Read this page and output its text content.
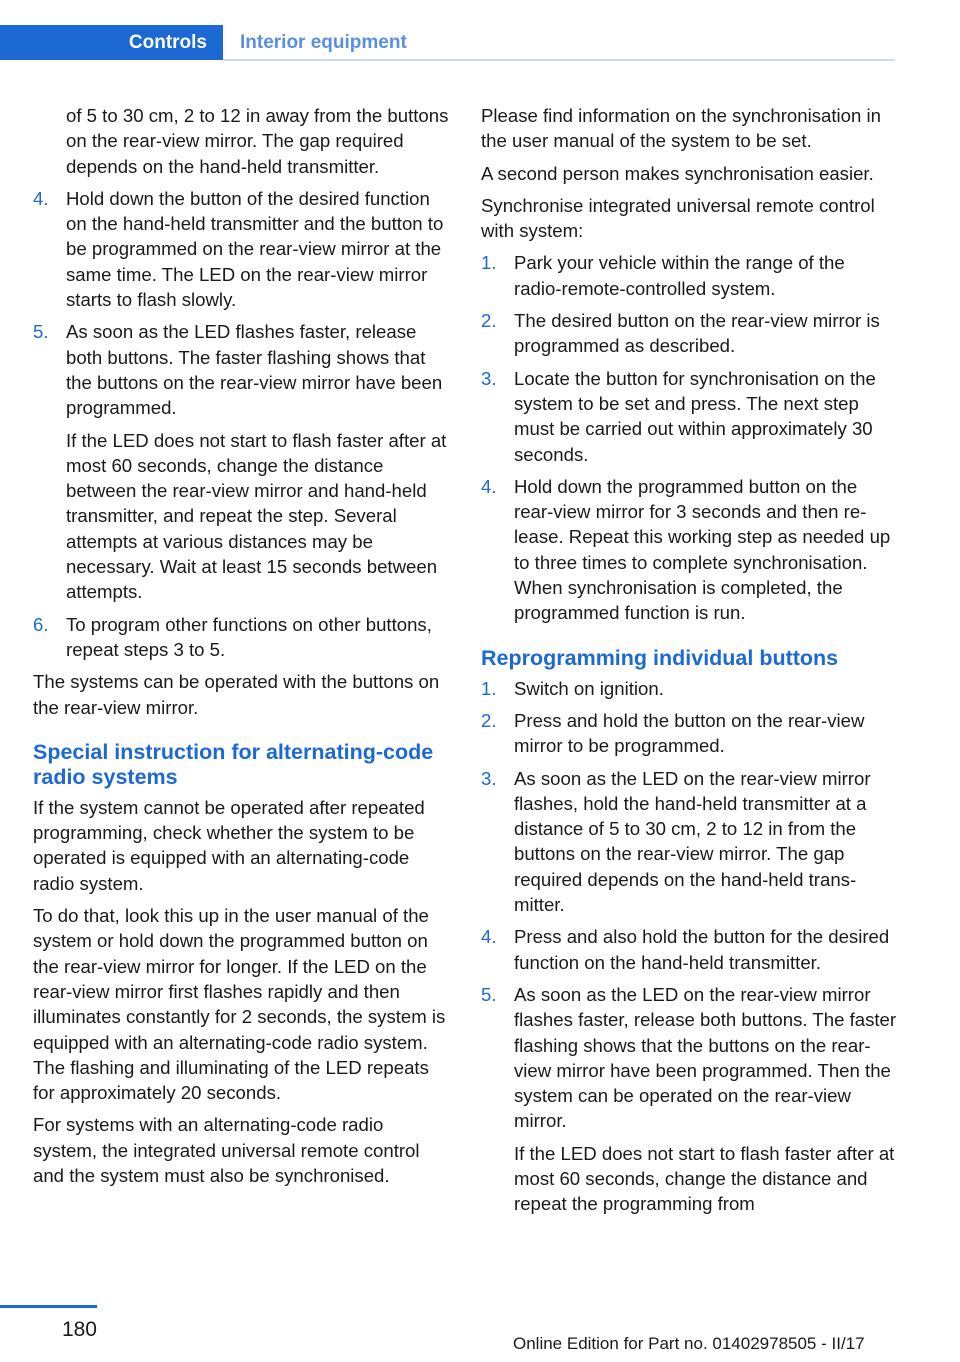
Controls Interior equipment

of 5 to 30 cm, 2 to 12 in away from the buttons on the rear-view mirror. The gap required depends on the hand-held transmitter.

4. Hold down the button of the desired function on the hand-held transmitter and the button to be programmed on the rear-view mirror at the same time. The LED on the rear-view mirror starts to flash slowly.

5. As soon as the LED flashes faster, release both buttons. The faster flashing shows that the buttons on the rear-view mirror have been programmed.

If the LED does not start to flash faster after at most 60 seconds, change the distance between the rear-view mirror and hand-held transmitter, and repeat the step. Several attempts at various distances may be necessary. Wait at least 15 seconds between attempts.

6. To program other functions on other buttons, repeat steps 3 to 5.

The systems can be operated with the buttons on the rear-view mirror.

Special instruction for alternating-code radio systems

If the system cannot be operated after repeated programming, check whether the system to be operated is equipped with an alternating-code radio system.

To do that, look this up in the user manual of the system or hold down the programmed button on the rear-view mirror for longer. If the LED on the rear-view mirror first flashes rapidly and then illuminates constantly for 2 seconds, the system is equipped with an alternating-code radio system. The flashing and illuminating of the LED repeats for approximately 20 seconds.

For systems with an alternating-code radio system, the integrated universal remote control and the system must also be synchronised.

Please find information on the synchronisation in the user manual of the system to be set.

A second person makes synchronisation easier.

Synchronise integrated universal remote control with system:

1. Park your vehicle within the range of the radio-remote-controlled system.

2. The desired button on the rear-view mirror is programmed as described.

3. Locate the button for synchronisation on the system to be set and press. The next step must be carried out within approximately 30 seconds.

4. Hold down the programmed button on the rear-view mirror for 3 seconds and then release. Repeat this working step as needed up to three times to complete synchronisation. When synchronisation is completed, the programmed function is run.

Reprogramming individual buttons
1. Switch on ignition.

2. Press and hold the button on the rear-view mirror to be programmed.

3. As soon as the LED on the rear-view mirror flashes, hold the hand-held transmitter at a distance of 5 to 30 cm, 2 to 12 in from the buttons on the rear-view mirror. The gap required depends on the hand-held transmitter.

4. Press and also hold the button for the desired function on the hand-held transmitter.

5. As soon as the LED on the rear-view mirror flashes faster, release both buttons. The faster flashing shows that the buttons on the rear-view mirror have been programmed. Then the system can be operated on the rear-view mirror.

If the LED does not start to flash faster after at most 60 seconds, change the distance and repeat the programming from

180
Online Edition for Part no. 01402978505 - II/17
